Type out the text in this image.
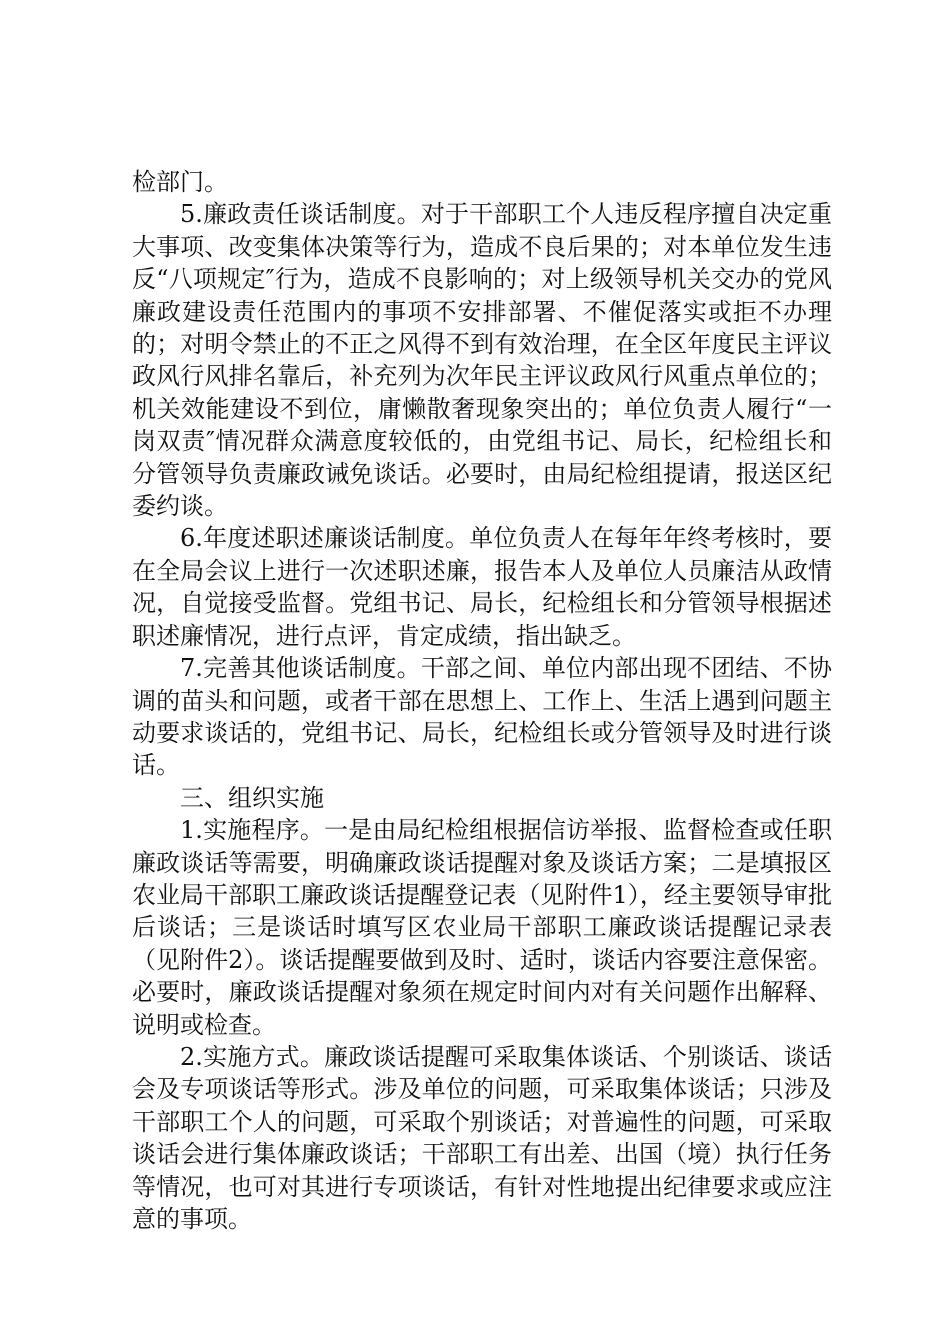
检部门。

5.廉政责任谈话制度。对于干部职工个人违反程序擅自决定重大事项、改变集体决策等行为，造成不良后果的；对本单位发生违反“八项规定″行为，造成不良影响的；对上级领导机关交办的党风廉政建设责任范围内的事项不安排部署、不催促落实或拒不办理的；对明令禁止的不正之风得不到有效治理，在全区年度民主评议政风行风排名靠后，补充列为次年民主评议政风行风重点单位的；机关效能建设不到位，庸懒散奢现象突出的；单位负责人履行“一岗双责″情况群众满意度较低的，由党组书记、局长，纪检组长和分管领导负责廉政诫免谈话。必要时，由局纪检组提请，报送区纪委约谈。

6.年度述职述廉谈话制度。单位负责人在每年年终考核时，要在全局会议上进行一次述职述廉，报告本人及单位人员廉洁从政情况，自觉接受监督。党组书记、局长，纪检组长和分管领导根据述职述廉情况，进行点评，肯定成绩，指出缺乏。

7.完善其他谈话制度。干部之间、单位内部出现不团结、不协调的苗头和问题，或者干部在思想上、工作上、生活上遇到问题主动要求谈话的，党组书记、局长，纪检组长或分管领导及时进行谈话。

三、组织实施

1.实施程序。一是由局纪检组根据信访举报、监督检查或任职廉政谈话等需要，明确廉政谈话提醒对象及谈话方案；二是填报区农业局干部职工廉政谈话提醒登记表（见附件1），经主要领导审批后谈话；三是谈话时填写区农业局干部职工廉政谈话提醒记录表（见附件2）。谈话提醒要做到及时、适时，谈话内容要注意保密。必要时，廉政谈话提醒对象须在规定时间内对有关问题作出解释、说明或检查。

2.实施方式。廉政谈话提醒可采取集体谈话、个别谈话、谈话会及专项谈话等形式。涉及单位的问题，可采取集体谈话；只涉及干部职工个人的问题，可采取个别谈话；对普遍性的问题，可采取谈话会进行集体廉政谈话；干部职工有出差、出国（境）执行任务等情况，也可对其进行专项谈话，有针对性地提出纪律要求或应注意的事项。
